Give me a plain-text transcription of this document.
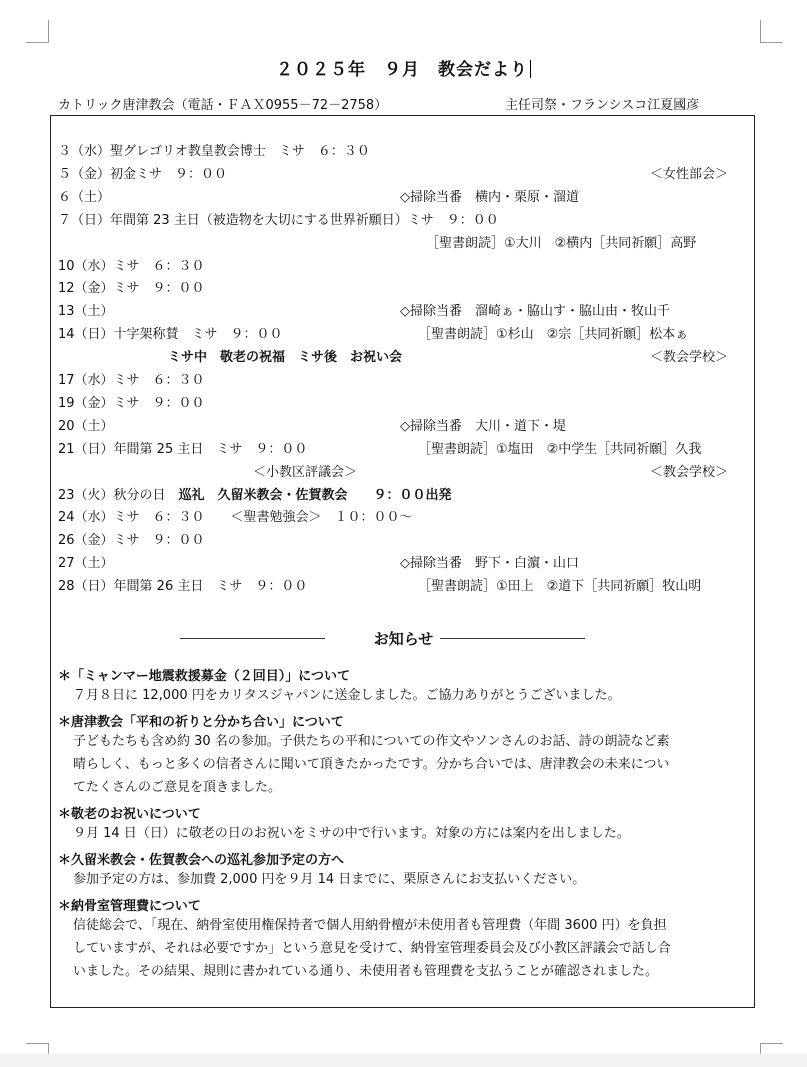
２０２５年　９月　教会だより
カトリック唐津教会（電話・ＦＡＸ0955－72－2758）	主任司祭・フランシスコ江夏國彦
３（水）聖グレゴリオ教皇教会博士　ミサ　６：３０
５（金）初金ミサ　９：００	＜女性部会＞
６（土）	◇掃除当番　横内・栗原・溜道
７（日）年間第 23 主日（被造物を大切にする世界祈願日）ミサ　９：００
［聖書朗読］①大川　②横内［共同祈願］高野
10（水）ミサ　６：３０
12（金）ミサ　９：００
13（土）	◇掃除当番　溜崎ぁ・脇山す・脇山由・牧山千
14（日）十字架称賛　ミサ　９：００	［聖書朗読］①杉山　②宗［共同祈願］松本ぁ
ミサ中　敬老の祝福　ミサ後　お祝い会	＜教会学校＞
17（水）ミサ　６：３０
19（金）ミサ　９：００
20（土）	◇掃除当番　大川・道下・堤
21（日）年間第 25 主日　ミサ　９：００	［聖書朗読］①塩田　②中学生［共同祈願］久我
＜小教区評議会＞	＜教会学校＞
23（火）秋分の日　巡礼　久留米教会・佐賀教会　　９：００出発
24（水）ミサ　６：３０　　＜聖書勉強会＞　１０：００～
26（金）ミサ　９：００
27（土）	◇掃除当番　野下・白濵・山口
28（日）年間第 26 主日　ミサ　９：００	［聖書朗読］①田上　②道下［共同祈願］牧山明
お知らせ
＊「ミャンマー地震救援募金（２回目）」について
７月８日に 12,000 円をカリタスジャパンに送金しました。ご協力ありがとうございました。
＊唐津教会「平和の祈りと分かち合い」について
子どもたちも含め約 30 名の参加。子供たちの平和についての作文やソンさんのお話、詩の朗読など素
晴らしく、もっと多くの信者さんに聞いて頂きたかったです。分かち合いでは、唐津教会の未来につい
てたくさんのご意見を頂きました。
＊敬老のお祝いについて
９月 14 日（日）に敬老の日のお祝いをミサの中で行います。対象の方には案内を出しました。
＊久留米教会・佐賀教会への巡礼参加予定の方へ
参加予定の方は、参加費 2,000 円を９月 14 日までに、栗原さんにお支払いください。
＊納骨室管理費について
信徒総会で、「現在、納骨室使用権保持者で個人用納骨檀が未使用者も管理費（年間 3600 円）を負担
していますが、それは必要ですか」という意見を受けて、納骨室管理委員会及び小教区評議会で話し合
いました。その結果、規則に書かれている通り、未使用者も管理費を支払うことが確認されました。
